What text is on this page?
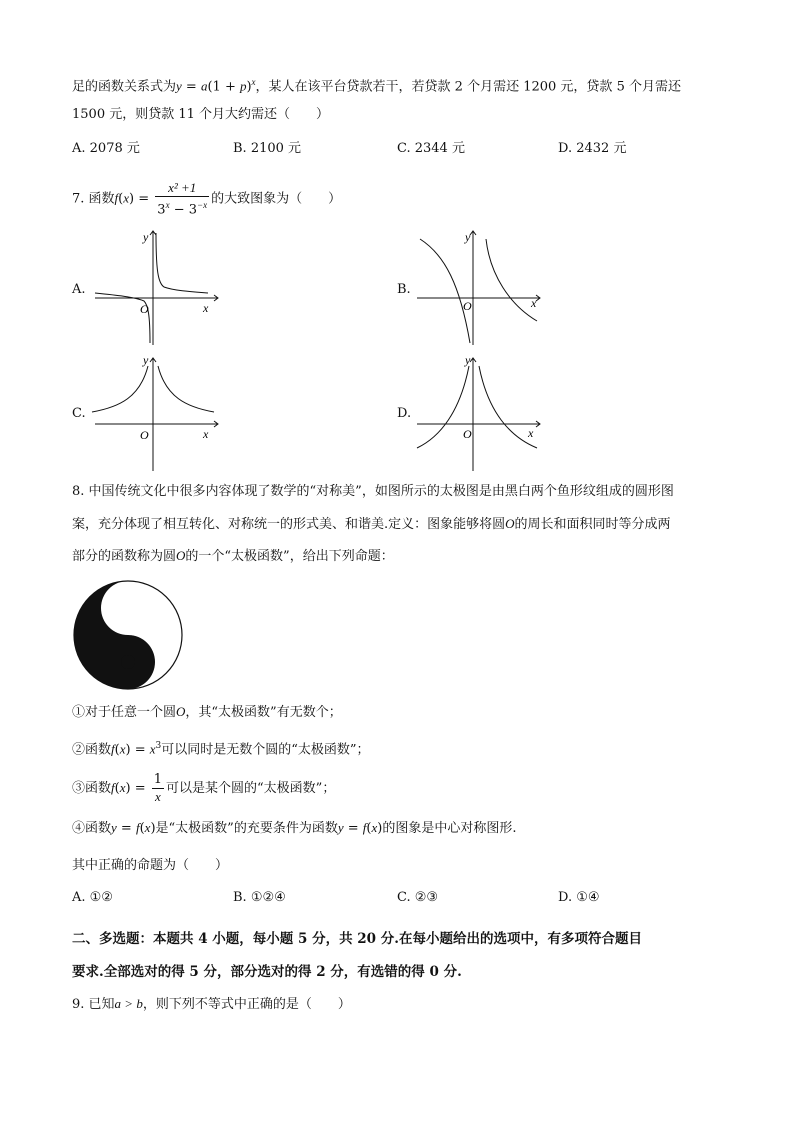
足的函数关系式为$y = a(1 + p)^x$，某人在该平台贷款若干，若贷款 2 个月需还 1200 元，贷款 5 个月需还
1500 元，则贷款 11 个月大约需还（　　）
A. 2078 元	B. 2100 元	C. 2344 元	D. 2432 元
7. 函数$f(x) = \frac{\text{x² +1}}{3^x - 3^{-x}}$ 的大致图象为（　　）
A.	B.
C.	D.
y
x
O
y
x
O
y
x
O
y
x
O
8. 中国传统文化中很多内容体现了数学的“对称美”，如图所示的太极图是由黑白两个鱼形纹组成的圆形图
案，充分体现了相互转化、对称统一的形式美、和谐美.定义：图象能够将圆O的周长和面积同时等分成两
部分的函数称为圆O的一个“太极函数”，给出下列命题：
①对于任意一个圆O，其“太极函数”有无数个；
②函数$f(x) = x^3$可以同时是无数个圆的“太极函数”；
③函数$f(x) = \frac{1}{x}$ 可以是某个圆的“太极函数”；
④函数y = f(x)是“太极函数”的充要条件为函数y = f(x)的图象是中心对称图形.
其中正确的命题为（　　）
A. ①②	B. ①②④	C. ②③	D. ①④
二、多选题：本题共 4 小题，每小题 5 分，共 20 分.在每小题给出的选项中，有多项符合题目
要求.全部选对的得 5 分，部分选对的得 2 分，有选错的得 0 分.
9. 已知a > b，则下列不等式中正确的是（　　）
